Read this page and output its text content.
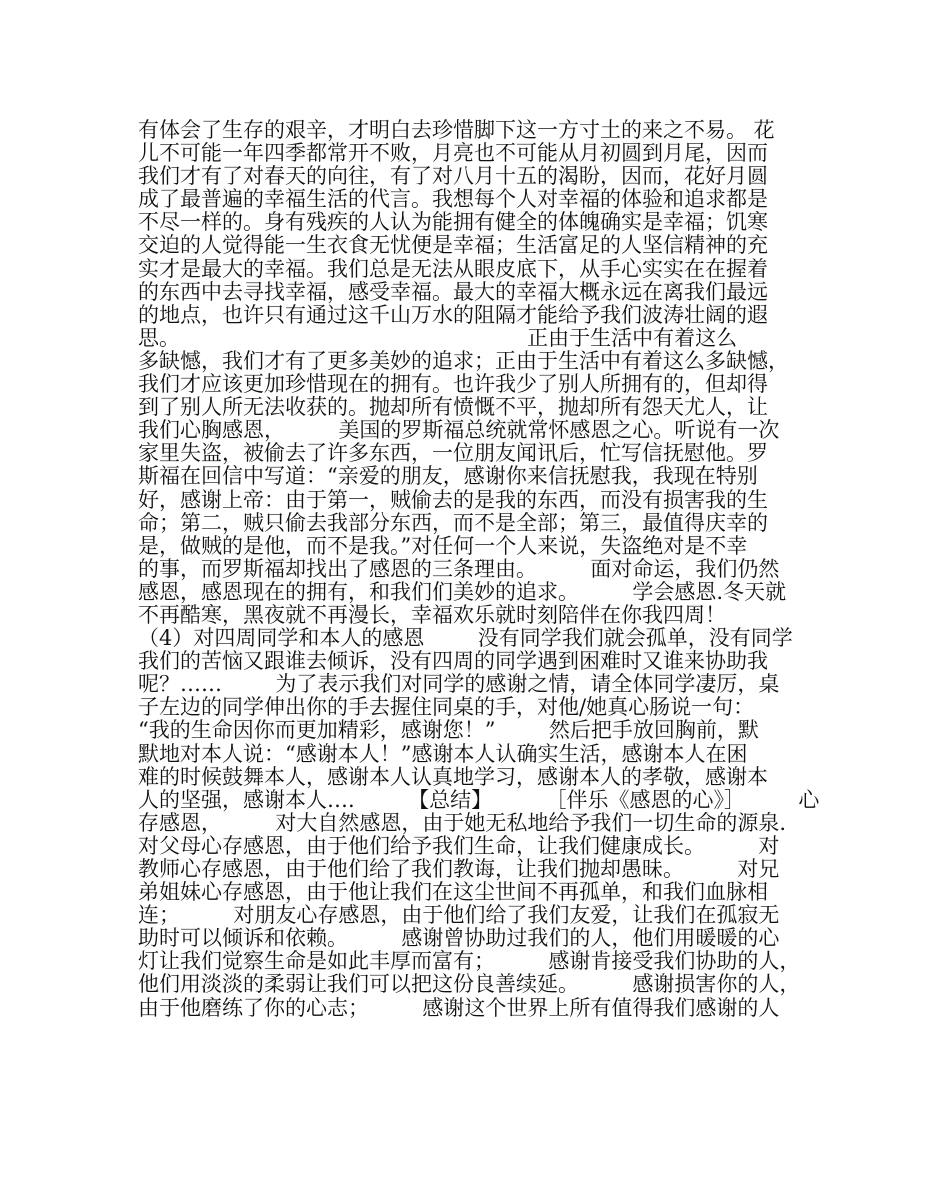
有体会了生存的艰辛，才明白去珍惜脚下这一方寸土的来之不易。 花
儿不可能一年四季都常开不败，月亮也不可能从月初圆到月尾，因而
我们才有了对春天的向往，有了对八月十五的渴盼，因而，花好月圆
成了最普遍的幸福生活的代言。我想每个人对幸福的体验和追求都是
不尽一样的。身有残疾的人认为能拥有健全的体魄确实是幸福；饥寒
交迫的人觉得能一生衣食无忧便是幸福；生活富足的人坚信精神的充
实才是最大的幸福。我们总是无法从眼皮底下，从手心实实在在握着
的东西中去寻找幸福，感受幸福。最大的幸福大概永远在离我们最远
的地点，也许只有通过这千山万水的阻隔才能给予我们波涛壮阔的遐
思。                                                    正由于生活中有着这么
多缺憾，我们才有了更多美妙的追求；正由于生活中有着这么多缺憾，
我们才应该更加珍惜现在的拥有。也许我少了别人所拥有的，但却得
到了别人所无法收获的。抛却所有愤慨不平，抛却所有怨天尤人，让
我们心胸感恩，        美国的罗斯福总统就常怀感恩之心。听说有一次
家里失盗，被偷去了许多东西，一位朋友闻讯后，忙写信抚慰他。罗
斯福在回信中写道：“亲爱的朋友，感谢你来信抚慰我，我现在特别
好，感谢上帝：由于第一，贼偷去的是我的东西，而没有损害我的生
命；第二，贼只偷去我部分东西，而不是全部；第三，最值得庆幸的
是，做贼的是他，而不是我。”对任何一个人来说，失盗绝对是不幸
的事，而罗斯福却找出了感恩的三条理由。        面对命运，我们仍然
感恩，感恩现在的拥有，和我们们美妙的追求。        学会感恩.冬天就
不再酷寒，黑夜就不再漫长，幸福欢乐就时刻陪伴在你我四周！
（4）对四周同学和本人的感恩        没有同学我们就会孤单，没有同学
我们的苦恼又跟谁去倾诉，没有四周的同学遇到困难时又谁来协助我
呢？……        为了表示我们对同学的感谢之情，请全体同学凄厉，桌
子左边的同学伸出你的手去握住同桌的手，对他/她真心肠说一句：
“我的生命因你而更加精彩，感谢您！”        然后把手放回胸前，默
默地对本人说：“感谢本人！”感谢本人认确实生活，感谢本人在困
难的时候鼓舞本人，感谢本人认真地学习，感谢本人的孝敬，感谢本
人的坚强，感谢本人….        【总结】        ［伴乐《感恩的心》］        心
存感恩，        对大自然感恩，由于她无私地给予我们一切生命的源泉.
对父母心存感恩，由于他们给予我们生命，让我们健康成长。        对
教师心存感恩，由于他们给了我们教诲，让我们抛却愚昧。        对兄
弟姐妹心存感恩，由于他让我们在这尘世间不再孤单，和我们血脉相
连；        对朋友心存感恩，由于他们给了我们友爱，让我们在孤寂无
助时可以倾诉和依赖。        感谢曾协助过我们的人，他们用暖暖的心
灯让我们觉察生命是如此丰厚而富有；        感谢肯接受我们协助的人，
他们用淡淡的柔弱让我们可以把这份良善续延。        感谢损害你的人，
由于他磨练了你的心志；        感谢这个世界上所有值得我们感谢的人
